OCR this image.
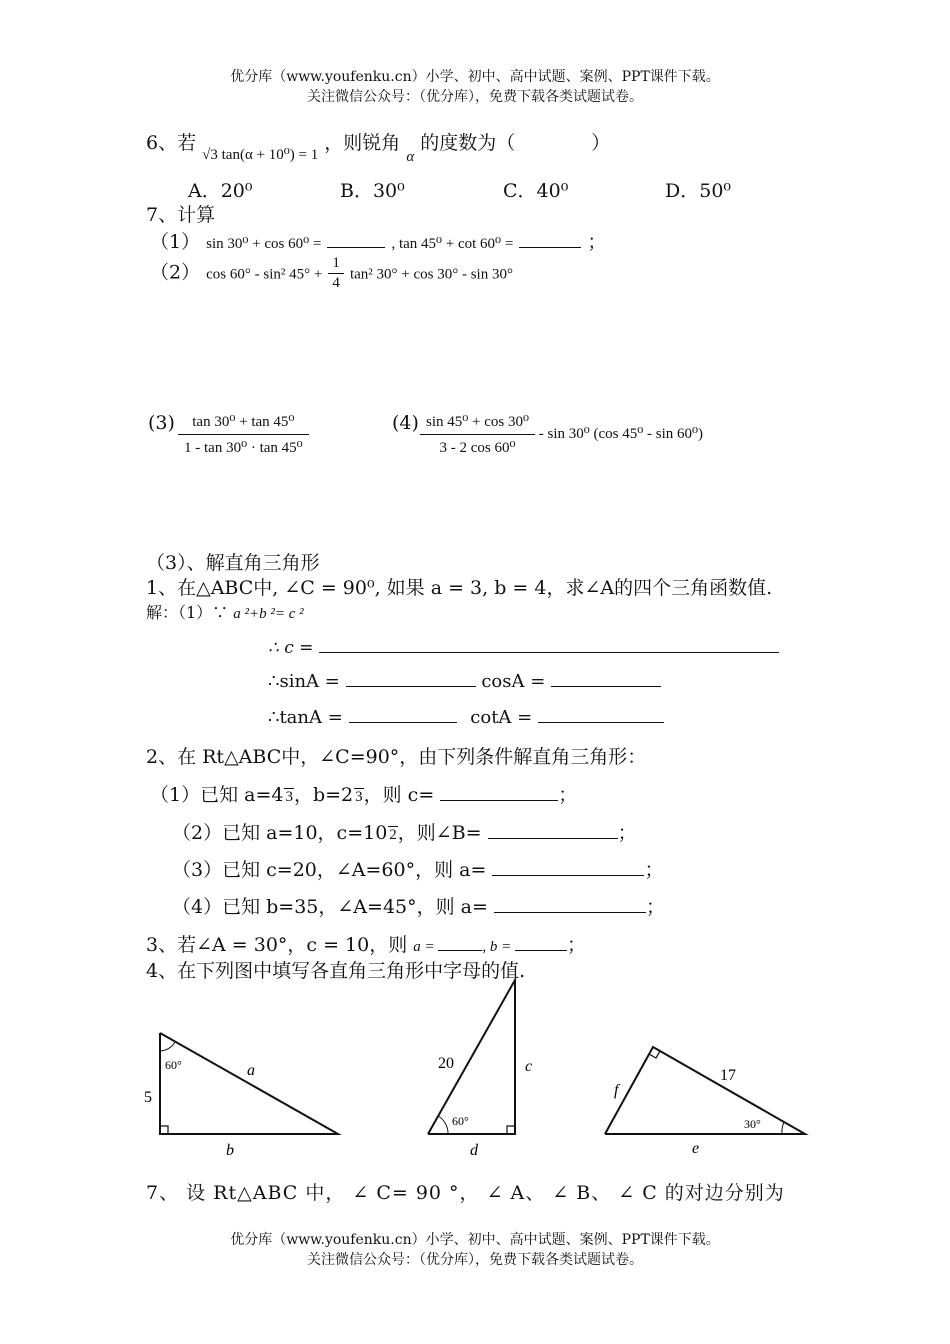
优分库（www.youfenku.cn）小学、初中、高中试题、案例、PPT课件下载。
关注微信公众号：（优分库），免费下载各类试题试卷。
6、若 $_{√3 tan(\alpha + 10^0) = 1}$ ，则锐角 $_\alpha$ 的度数为（　　　　）
A．20⁰	B．30⁰	C．40⁰	D．50⁰
7、计算
（1） sin 30⁰ + cos 60⁰ =	, tan 45⁰ + cot 60⁰ =	；
（2） cos 60° - sin² $45^\circ + \frac{1}{4} \tan^2$ 30° + cos 30° - sin 30°
$(3) \frac{\text{tan 30⁰ + tan 45⁰}}{\text{1 - tan 30⁰ · tan 45⁰}}$	$(4) \frac{\text{sin 45⁰ + cos 30⁰}}{\text{3 - 2 cos 60⁰}}$ - sin 30⁰ (cos 45⁰ - sin 60⁰)
（3）、解直角三角形
1、在△ABC中, ∠C = 90⁰, 如果 a = 3, b = 4，求∠A的四个三角函数值.
解：（1）∵ a ²+b ²= c ²
∴ c =
∴sinA =	cosA =
∴tanA =	cotA =
2、在 Rt△ABC中，∠C=90°，由下列条件解直角三角形：
（1）已知 a=4 3，b=2 3，则 c=	；
（2）已知 a=10，c=10 2，则∠B=	；
（3）已知 c=20，∠A=60°，则 a=	；
（4）已知 b=35，∠A=45°，则 a=	；
3、若∠A = 30°，c = 10，则 a =	, b =	；
4、在下列图中填写各直角三角形中字母的值.
60°
5
a
b
60°
20	c
d
30°
17
f
e
7、 设 Rt△ABC 中， ∠ C= 90 °， ∠ A、 ∠ B、 ∠ C 的对边分别为
优分库（www.youfenku.cn）小学、初中、高中试题、案例、PPT课件下载。
关注微信公众号：（优分库），免费下载各类试题试卷。
